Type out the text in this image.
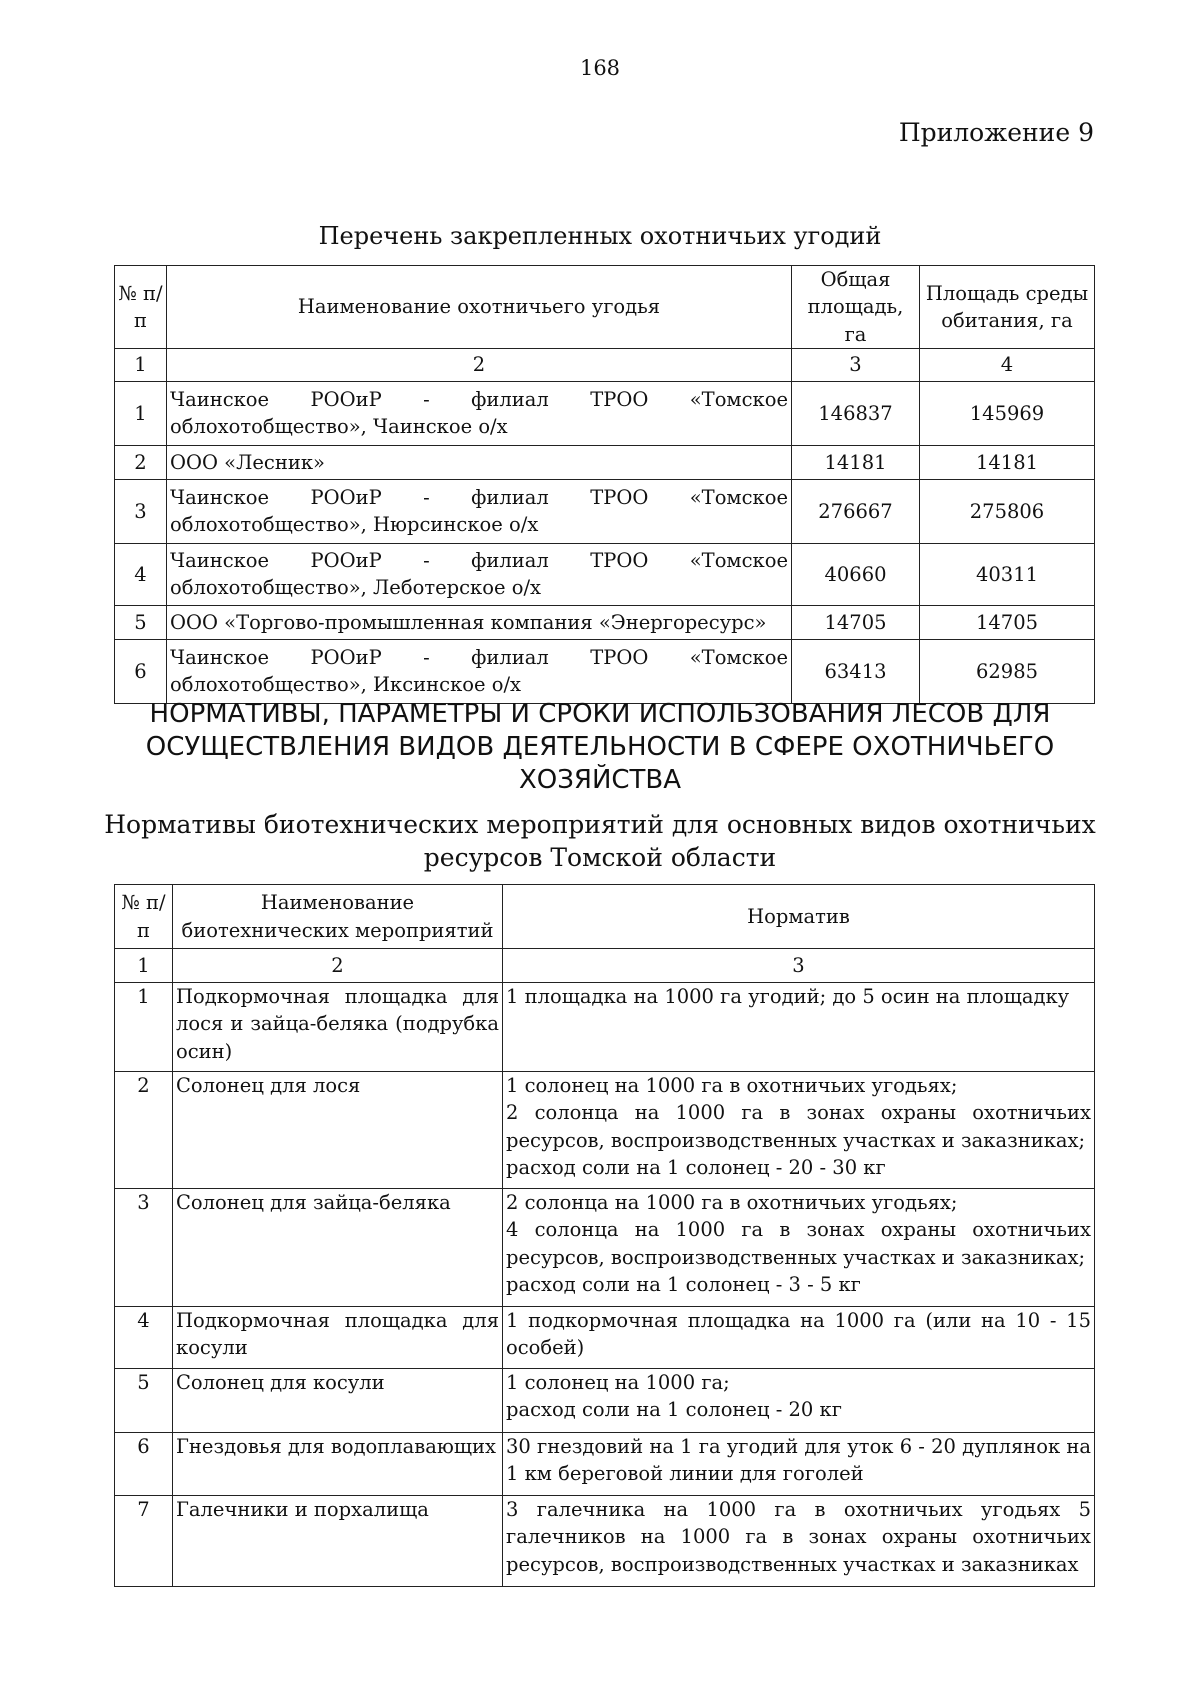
168
Приложение 9
Перечень закрепленных охотничьих угодий
№ п/п	Наименование охотничьего угодья	Общая площадь, га	Площадь среды обитания, га
1	2	3	4
1	Чаинское РООиР - филиал ТРОО «Томское облохотобщество», Чаинское о/х	146837	145969
2	ООО «Лесник»	14181	14181
3	Чаинское РООиР - филиал ТРОО «Томское облохотобщество», Нюрсинское о/х	276667	275806
4	Чаинское РООиР - филиал ТРОО «Томское облохотобщество», Леботерское о/х	40660	40311
5	ООО «Торгово-промышленная компания «Энергоресурс»	14705	14705
6	Чаинское РООиР - филиал ТРОО «Томское облохотобщество», Иксинское о/х	63413	62985
НОРМАТИВЫ, ПАРАМЕТРЫ И СРОКИ ИСПОЛЬЗОВАНИЯ ЛЕСОВ ДЛЯ
ОСУЩЕСТВЛЕНИЯ ВИДОВ ДЕЯТЕЛЬНОСТИ В СФЕРЕ ОХОТНИЧЬЕГО
ХОЗЯЙСТВА
Нормативы биотехнических мероприятий для основных видов охотничьих
ресурсов Томской области
№ п/п	Наименование биотехнических мероприятий	Норматив
1	2	3
1	Подкормочная площадка для лося и зайца-беляка (подрубка осин)	1 площадка на 1000 га угодий; до 5 осин на площадку

2	Солонец для лося	1 солонец на 1000 га в охотничьих угодьях;
2 солонца на 1000 га в зонах охраны охотничьих ресурсов, воспроизводственных участках и заказниках;
расход соли на 1 солонец - 20 - 30 кг

3	Солонец для зайца-беляка	2 солонца на 1000 га в охотничьих угодьях;
4 солонца на 1000 га в зонах охраны охотничьих ресурсов, воспроизводственных участках и заказниках;
расход соли на 1 солонец - 3 - 5 кг

4	Подкормочная площадка для косули	1 подкормочная площадка на 1000 га (или на 10 - 15 особей)

5	Солонец для косули	1 солонец на 1000 га;
расход соли на 1 солонец - 20 кг

6	Гнездовья для водоплавающих	30 гнездовий на 1 га угодий для уток 6 - 20 дуплянок на 1 км береговой линии для гоголей

7	Галечники и порхалища	3 галечника на 1000 га в охотничьих угодьях 5 галечников на 1000 га в зонах охраны охотничьих ресурсов, воспроизводственных участках и заказниках
